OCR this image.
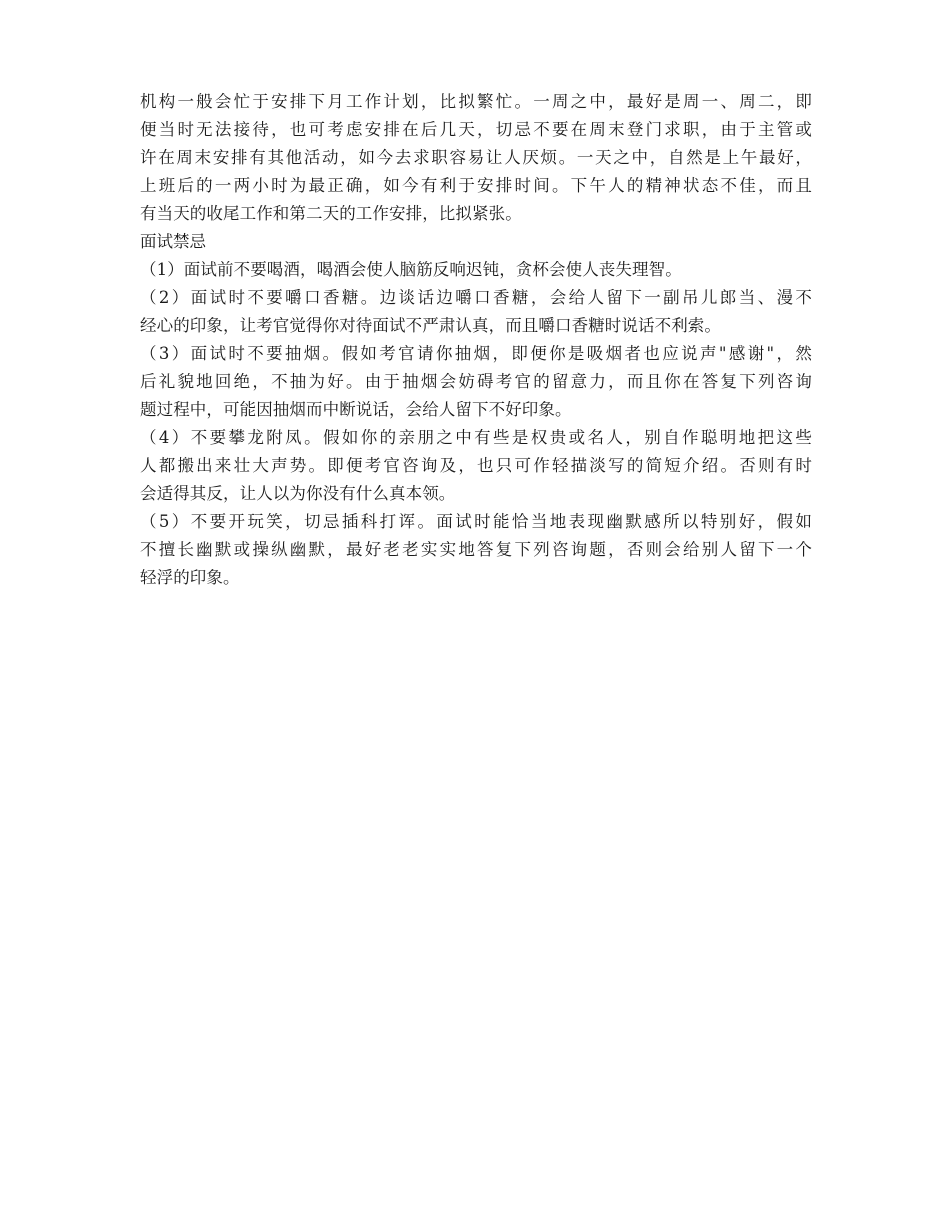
机构一般会忙于安排下月工作计划，比拟繁忙。一周之中，最好是周一、周二，即
便当时无法接待，也可考虑安排在后几天，切忌不要在周末登门求职，由于主管或
许在周末安排有其他活动，如今去求职容易让人厌烦。一天之中，自然是上午最好，
上班后的一两小时为最正确，如今有利于安排时间。下午人的精神状态不佳，而且
有当天的收尾工作和第二天的工作安排，比拟紧张。
面试禁忌
（1）面试前不要喝酒，喝酒会使人脑筋反响迟钝，贪杯会使人丧失理智。
（2）面试时不要嚼口香糖。边谈话边嚼口香糖，会给人留下一副吊儿郎当、漫不
经心的印象，让考官觉得你对待面试不严肃认真，而且嚼口香糖时说话不利索。
（3）面试时不要抽烟。假如考官请你抽烟，即便你是吸烟者也应说声"感谢"，然
后礼貌地回绝，不抽为好。由于抽烟会妨碍考官的留意力，而且你在答复下列咨询
题过程中，可能因抽烟而中断说话，会给人留下不好印象。
（4）不要攀龙附凤。假如你的亲朋之中有些是权贵或名人，别自作聪明地把这些
人都搬出来壮大声势。即便考官咨询及，也只可作轻描淡写的简短介绍。否则有时
会适得其反，让人以为你没有什么真本领。
（5）不要开玩笑，切忌插科打诨。面试时能恰当地表现幽默感所以特别好，假如
不擅长幽默或操纵幽默，最好老老实实地答复下列咨询题，否则会给别人留下一个
轻浮的印象。
